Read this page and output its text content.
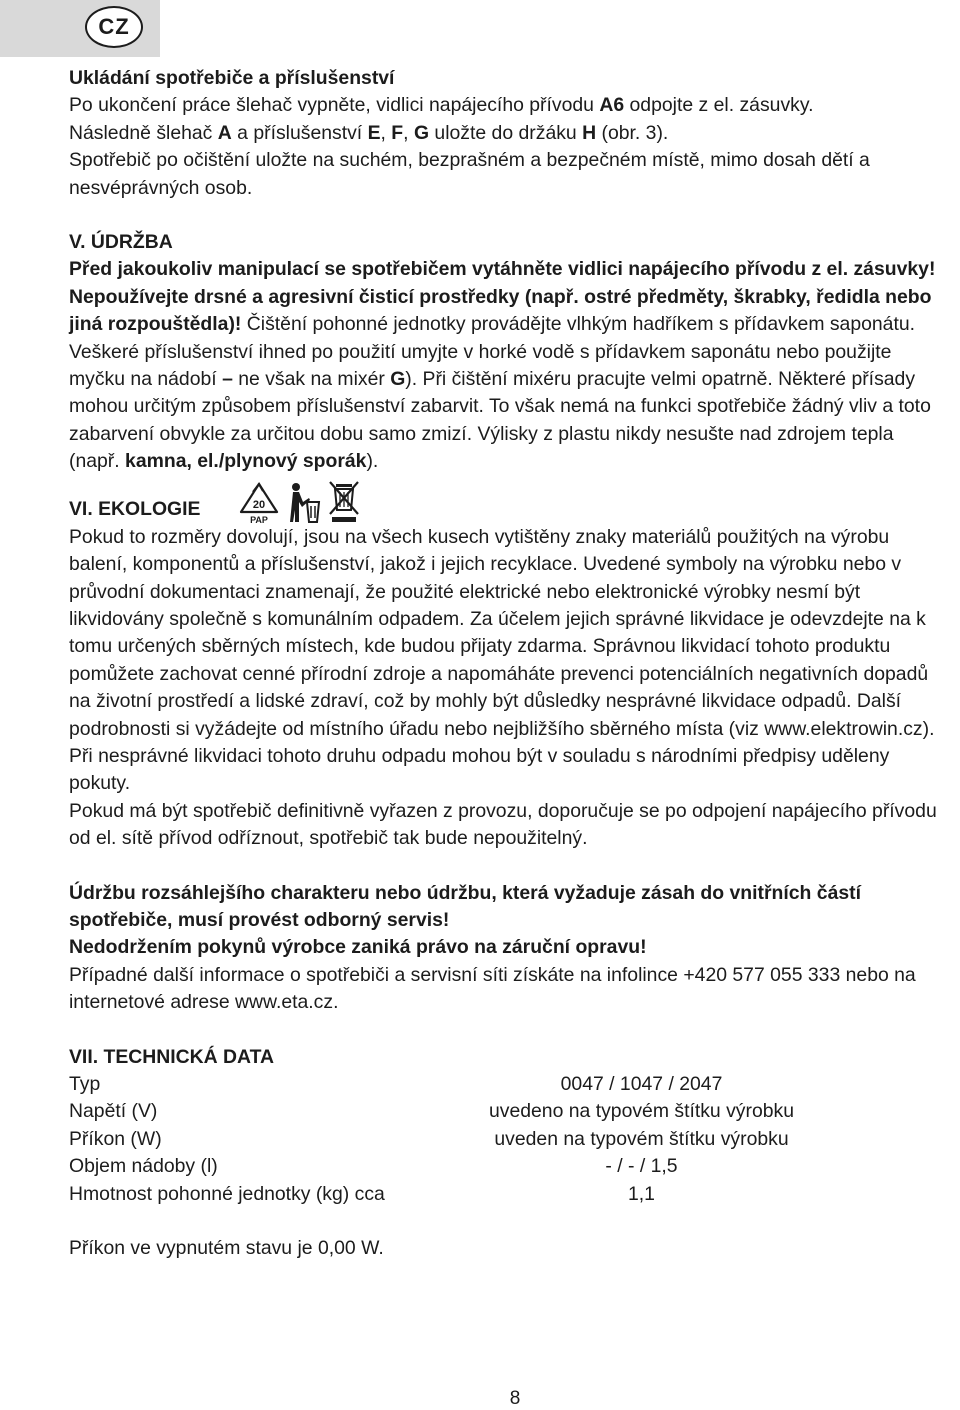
CZ
Ukládání spotřebiče a příslušenství

Po ukončení práce šlehač vypněte, vidlici napájecího přívodu A6 odpojte z el. zásuvky.

Následně šlehač A a příslušenství E, F, G uložte do držáku H (obr. 3).

Spotřebič po očištění uložte na suchém, bezprašném a bezpečném místě, mimo dosah dětí a nesvéprávných osob.

V. ÚDRŽBA

Před jakoukoliv manipulací se spotřebičem vytáhněte vidlici napájecího přívodu z el. zásuvky! Nepoužívejte drsné a agresivní čisticí prostředky (např. ostré předměty, škrabky, ředidla nebo jiná rozpouštědla)! Čištění pohonné jednotky provádějte vlhkým hadříkem s přídavkem saponátu. Veškeré příslušenství ihned po použití umyjte v horké vodě s přídavkem saponátu nebo použijte myčku na nádobí – ne však na mixér G). Při čištění mixéru pracujte velmi opatrně. Některé přísady mohou určitým způsobem příslušenství zabarvit. To však nemá na funkci spotřebiče žádný vliv a toto zabarvení obvykle za určitou dobu samo zmizí. Výlisky z plastu nikdy nesušte nad zdrojem tepla (např. kamna, el./plynový sporák).

VI. EKOLOGIE	20
PAP

Pokud to rozměry dovolují, jsou na všech kusech vytištěny znaky materiálů použitých na výrobu balení, komponentů a příslušenství, jakož i jejich recyklace. Uvedené symboly na výrobku nebo v průvodní dokumentaci znamenají, že použité elektrické nebo elektronické výrobky nesmí být likvidovány společně s komunálním odpadem. Za účelem jejich správné likvidace je odevzdejte na k tomu určených sběrných místech, kde budou přijaty zdarma. Správnou likvidací tohoto produktu pomůžete zachovat cenné přírodní zdroje a napomáháte prevenci potenciálních negativních dopadů na životní prostředí a lidské zdraví, což by mohly být důsledky nesprávné likvidace odpadů. Další podrobnosti si vyžádejte od místního úřadu nebo nejbližšího sběrného místa (viz www.elektrowin.cz).

Při nesprávné likvidaci tohoto druhu odpadu mohou být v souladu s národními předpisy uděleny pokuty.

Pokud má být spotřebič definitivně vyřazen z provozu, doporučuje se po odpojení napájecího přívodu od el. sítě přívod odříznout, spotřebič tak bude nepoužitelný.

Údržbu rozsáhlejšího charakteru nebo údržbu, která vyžaduje zásah do vnitřních částí spotřebiče, musí provést odborný servis!

Nedodržením pokynů výrobce zaniká právo na záruční opravu!

Případné další informace o spotřebiči a servisní síti získáte na infolince +420 577 055 333 nebo na internetové adrese www.eta.cz.

VII. TECHNICKÁ DATA
Typ	0047 / 1047 / 2047
Napětí (V)	uvedeno na typovém štítku výrobku
Příkon (W)	uveden na typovém štítku výrobku
Objem nádoby (l)	- / - / 1,5
Hmotnost pohonné jednotky (kg) cca	1,1

Příkon ve vypnutém stavu je 0,00 W.

8
